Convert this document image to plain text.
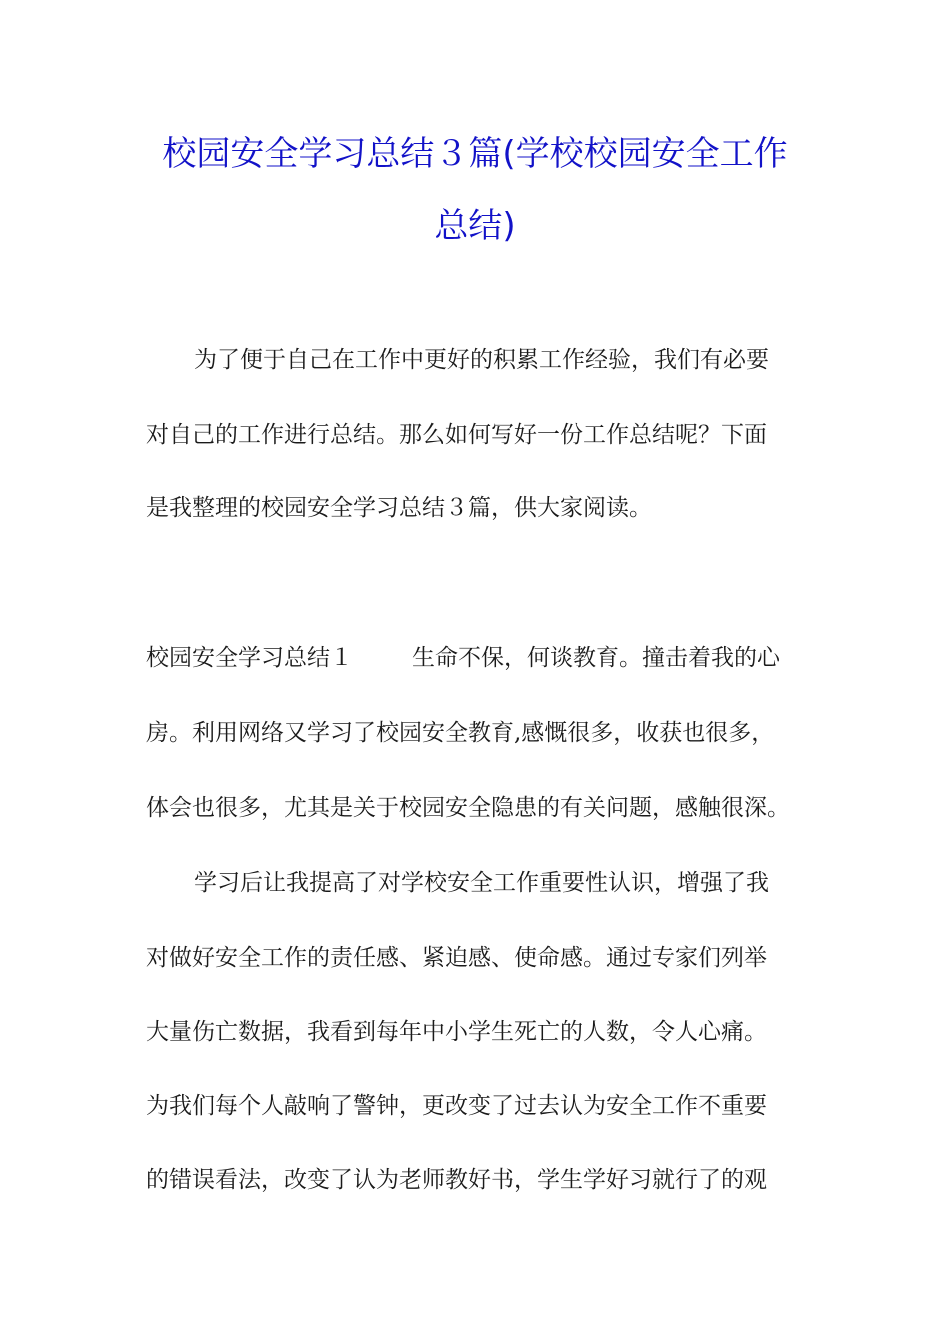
校园安全学习总结３篇(学校校园安全工作
总结)
为了便于自己在工作中更好的积累工作经验，我们有必要
对自己的工作进行总结。那么如何写好一份工作总结呢？下面
是我整理的校园安全学习总结３篇，供大家阅读。
校园安全学习总结１	生命不保，何谈教育。撞击着我的心
房。利用网络又学习了校园安全教育,感慨很多，收获也很多，
体会也很多，尤其是关于校园安全隐患的有关问题，感触很深。
学习后让我提高了对学校安全工作重要性认识，增强了我
对做好安全工作的责任感、紧迫感、使命感。通过专家们列举
大量伤亡数据，我看到每年中小学生死亡的人数，令人心痛。
为我们每个人敲响了警钟，更改变了过去认为安全工作不重要
的错误看法，改变了认为老师教好书，学生学好习就行了的观
